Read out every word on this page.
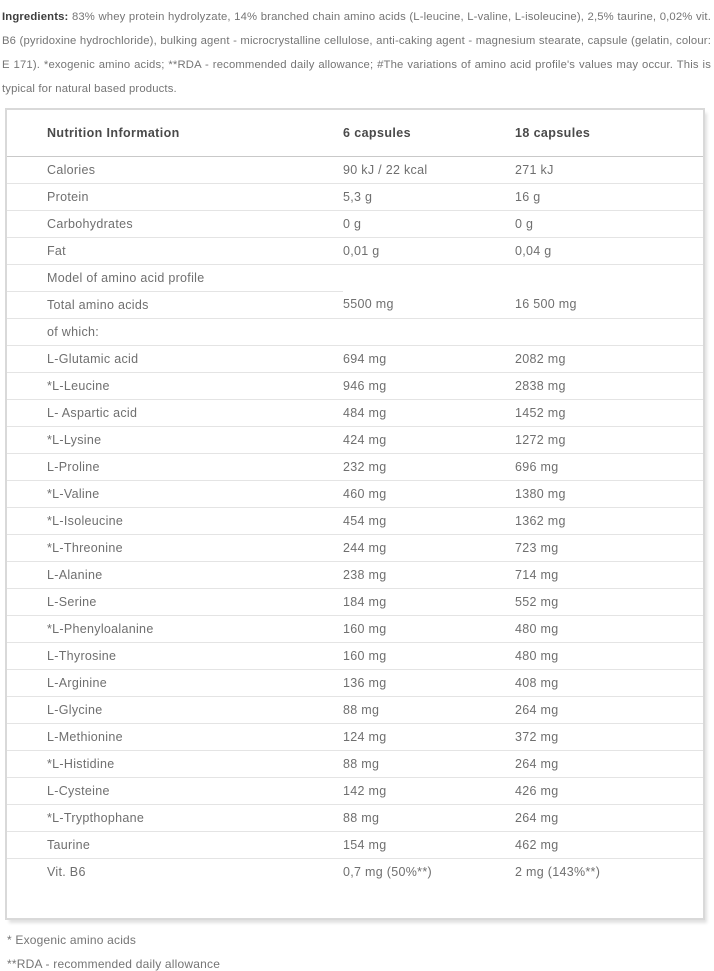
Ingredients: 83% whey protein hydrolyzate, 14% branched chain amino acids (L-leucine, L-valine, L-isoleucine), 2,5% taurine, 0,02% vit. B6 (pyridoxine hydrochloride), bulking agent - microcrystalline cellulose, anti-caking agent - magnesium stearate, capsule (gelatin, colour: E 171). *exogenic amino acids; **RDA - recommended daily allowance; #The variations of amino acid profile's values may occur. This is typical for natural based products.

Nutrition Information	6 capsules	18 capsules
Calories	90 kJ / 22 kcal	271 kJ
Protein	5,3 g	16 g
Carbohydrates	0 g	0 g
Fat	0,01 g	0,04 g
Model of amino acid profile		
Total amino acids	5500 mg	16 500 mg
of which:		
L-Glutamic acid	694 mg	2082 mg
*L-Leucine	946 mg	2838 mg
L- Aspartic acid	484 mg	1452 mg
*L-Lysine	424 mg	1272 mg
L-Proline	232 mg	696 mg
*L-Valine	460 mg	1380 mg
*L-Isoleucine	454 mg	1362 mg
*L-Threonine	244 mg	723 mg
L-Alanine	238 mg	714 mg
L-Serine	184 mg	552 mg
*L-Phenyloalanine	160 mg	480 mg
L-Thyrosine	160 mg	480 mg
L-Arginine	136 mg	408 mg
L-Glycine	88 mg	264 mg
L-Methionine	124 mg	372 mg
*L-Histidine	88 mg	264 mg
L-Cysteine	142 mg	426 mg
*L-Trypthophane	88 mg	264 mg
Taurine	154 mg	462 mg
Vit. B6	0,7 mg (50%**)	2 mg (143%**)

* Exogenic amino acids

**RDA - recommended daily allowance
